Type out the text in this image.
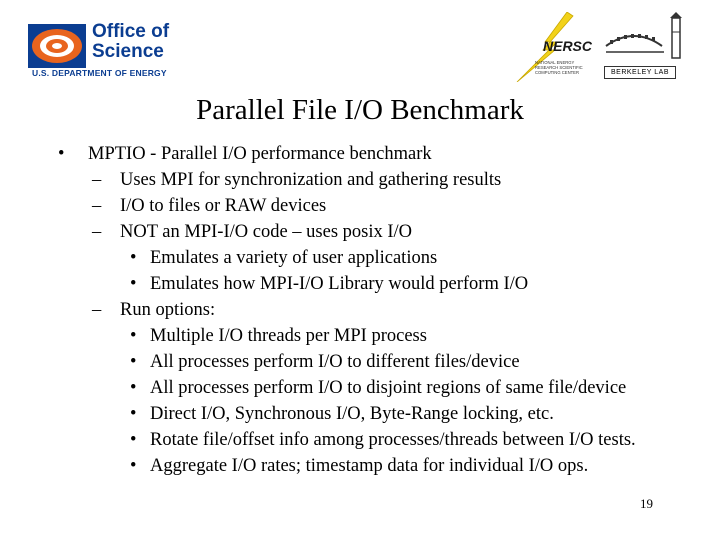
Office of
Science
U.S. DEPARTMENT OF ENERGY
NERSC
NATIONAL ENERGY RESEARCH SCIENTIFIC COMPUTING CENTER	BERKELEY LAB
Parallel File I/O Benchmark
• MPTIO - Parallel I/O performance benchmark
– Uses MPI for synchronization and gathering results
– I/O to files or RAW devices
– NOT an MPI-I/O code – uses posix I/O
• Emulates a variety of user applications
• Emulates how MPI-I/O Library would perform I/O
– Run options:
• Multiple I/O threads per MPI process
• All processes perform I/O to different files/device
• All processes perform I/O to disjoint regions of same file/device
• Direct I/O, Synchronous I/O, Byte-Range locking, etc.
• Rotate file/offset info among processes/threads between I/O tests.
• Aggregate I/O rates; timestamp data for individual I/O ops.
19
